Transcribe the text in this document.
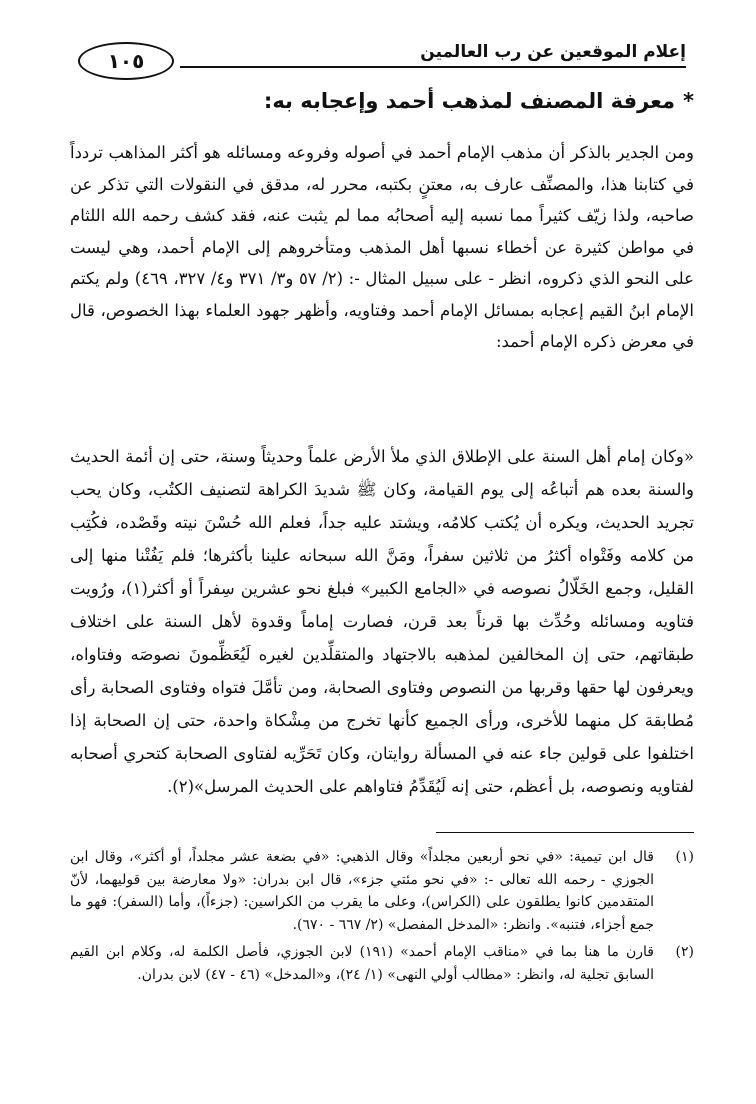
إعلام الموقعين عن رب العالمين
١٠٥
*معرفة المصنف لمذهب أحمد وإعجابه به:

ومن الجدير بالذكر أن مذهب الإمام أحمد في أصوله وفروعه ومسائله هو أكثر المذاهب تردداً في كتابنا هذا، والمصنِّف عارف به، معتنٍ بكتبه، محرر له، مدقق في النقولات التي تذكر عن صاحبه، ولذا زيّف كثيراً مما نسبه إليه أصحابُه مما لم يثبت عنه، فقد كشف رحمه الله اللثام في مواطن كثيرة عن أخطاء نسبها أهل المذهب ومتأخروهم إلى الإمام أحمد، وهي ليست على النحو الذي ذكروه، انظر - على سبيل المثال -: (٢/ ٥٧ و٣/ ٣٧١ و٤/ ٣٢٧، ٤٦٩) ولم يكتم الإمام ابنُ القيم إعجابه بمسائل الإمام أحمد وفتاويه، وأظهر جهود العلماء بهذا الخصوص، قال في معرض ذكره الإمام أحمد:

«وكان إمام أهل السنة على الإطلاق الذي ملأ الأرض علماً وحديثاً وسنة، حتى إن أئمة الحديث والسنة بعده هم أتباعُه إلى يوم القيامة، وكان ﷺ شديدَ الكراهة لتصنيف الكتُب، وكان يحب تجريد الحديث، ويكره أن يُكتب كلامُه، ويشتد عليه جداً، فعلم الله حُسْنَ نيته وقَصْده، فكُتِب من كلامه وفَتْواه أكثرُ من ثلاثين سفراً، ومَنَّ الله سبحانه علينا بأكثرها؛ فلم يَفُتْنا منها إلى القليل، وجمع الخَلّالُ نصوصه في «الجامع الكبير» فبلغ نحو عشرين سِفراً أو أكثر(١)، ورُويت فتاويه ومسائله وحُدِّث بها قرناً بعد قرن، فصارت إماماً وقدوة لأهل السنة على اختلاف طبقاتهم، حتى إن المخالفين لمذهبه بالاجتهاد والمتقلِّدين لغيره لَيُعَظِّمونَ نصوصَه وفتاواه، ويعرفون لها حقها وقربها من النصوص وفتاوى الصحابة، ومن تأمَّلَ فتواه وفتاوى الصحابة رأى مُطابقة كل منهما للأخرى، ورأى الجميع كأنها تخرج من مِشْكاة واحدة، حتى إن الصحابة إذا اختلفوا على قولين جاء عنه في المسألة روايتان، وكان تَحَرِّيه لفتاوى الصحابة كتحري أصحابه لفتاويه ونصوصه، بل أعظم، حتى إنه لَيُقَدِّمُ فتاواهم على الحديث المرسل»(٢).

(١)
قال ابن تيمية: «في نحو أربعين مجلداً» وقال الذهبي: «في بضعة عشر مجلداً، أو أكثر»، وقال ابن الجوزي - رحمه الله تعالى -: «في نحو مئتي جزء»، قال ابن بدران: «ولا معارضة بين قوليهما، لأنّ المتقدمين كانوا يطلقون على (الكراس)، وعلى ما يقرب من الكراسين: (جزءاً)، وأما (السفر): فهو ما جمع أجزاء، فتنبه». وانظر: «المدخل المفصل» (٢/ ٦٦٧ - ٦٧٠).
(٢)
قارن ما هنا بما في «مناقب الإمام أحمد» (١٩١) لابن الجوزي، فأصل الكلمة له، وكلام ابن القيم السابق تجلية له، وانظر: «مطالب أولي النهى» (١/ ٢٤)، و«المدخل» (٤٦ - ٤٧) لابن بدران.
